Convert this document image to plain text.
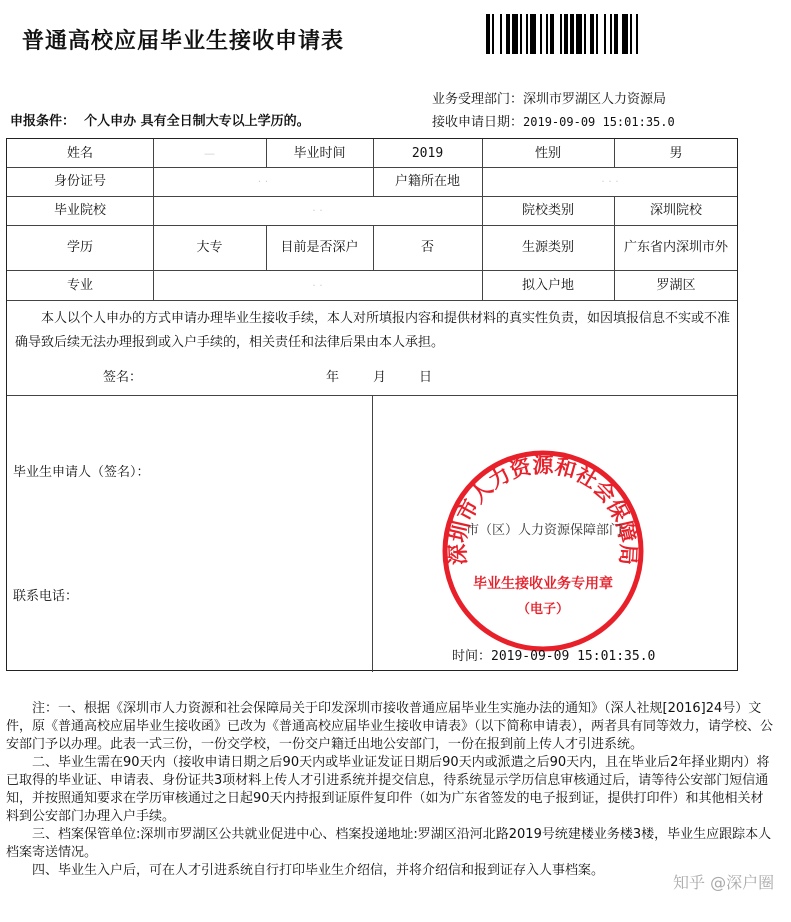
普通高校应届毕业生接收申请表
业务受理部门：深圳市罗湖区人力资源局
申报条件： 个人申办 具有全日制大专以上学历的。	接收申请日期：2019-09-09 15:01:35.0
姓名	—	毕业时间	2019	性别	男
身份证号	· ·	户籍所在地	· · ·
毕业院校	· ·	院校类别	深圳院校
学历	大专	目前是否深户	否	生源类别	广东省内深圳市外
专业	· ·	拟入户地	罗湖区
本人以个人申办的方式申请办理毕业生接收手续，本人对所填报内容和提供材料的真实性负责，如因填报信息不实或不准确导致后续无法办理报到或入户手续的，相关责任和法律后果由本人承担。
签名：	年	月	日
毕业生申请人（签名）：
联系电话：
深圳市人力资源和社会保障局
毕业生接收业务专用章
（电子）
市（区）人力资源保障部门
时间：2019-09-09 15:01:35.0

注：一、根据《深圳市人力资源和社会保障局关于印发深圳市接收普通应届毕业生实施办法的通知》（深人社规[2016]24号）文件，原《普通高校应届毕业生接收函》已改为《普通高校应届毕业生接收申请表》（以下简称申请表），两者具有同等效力，请学校、公安部门予以办理。此表一式三份，一份交学校，一份交户籍迁出地公安部门，一份在报到前上传人才引进系统。

二、毕业生需在90天内（接收申请日期之后90天内或毕业证发证日期后90天内或派遣之后90天内，且在毕业后2年择业期内）将已取得的毕业证、申请表、身份证共3项材料上传人才引进系统并提交信息，待系统显示学历信息审核通过后，请等待公安部门短信通知，并按照通知要求在学历审核通过之日起90天内持报到证原件复印件（如为广东省签发的电子报到证，提供打印件）和其他相关材料到公安部门办理入户手续。

三、档案保管单位:深圳市罗湖区公共就业促进中心、档案投递地址:罗湖区沿河北路2019号统建楼业务楼3楼，毕业生应跟踪本人档案寄送情况。

四、毕业生入户后，可在人才引进系统自行打印毕业生介绍信，并将介绍信和报到证存入人事档案。

知乎 @深户圈
